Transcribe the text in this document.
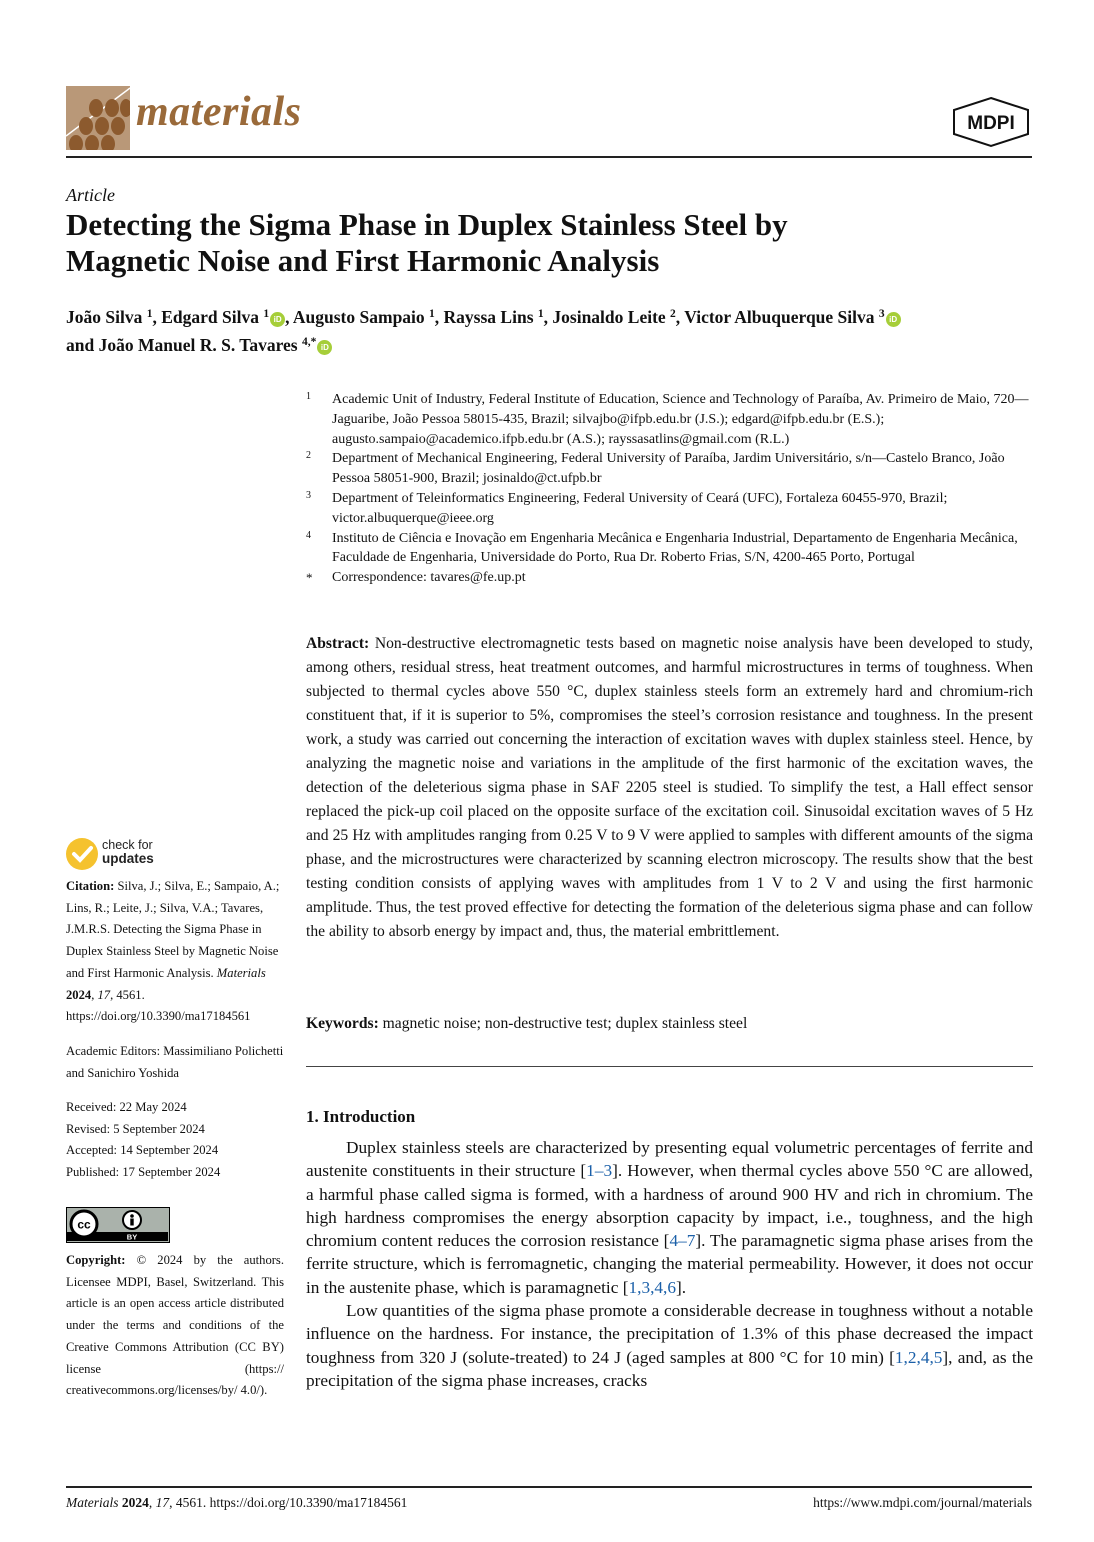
materials	MDPI
Article
Detecting the Sigma Phase in Duplex Stainless Steel by
Magnetic Noise and First Harmonic Analysis
João Silva $^1$, Edgard Silva $^1$ iD , Augusto Sampaio $^1$, Rayssa Lins $^1$, Josinaldo Leite $^2$, Victor Albuquerque Silva $^3$ iD
and João Manuel R. S. Tavares $^{4,*}$ iD
1 Academic Unit of Industry, Federal Institute of Education, Science and Technology of Paraíba, Av. Primeiro de Maio, 720—Jaguaribe, João Pessoa 58015-435, Brazil; silvajbo@ifpb.edu.br (J.S.); edgard@ifpb.edu.br (E.S.); augusto.sampaio@academico.ifpb.edu.br (A.S.); rayssasatlins@gmail.com (R.L.)
2 Department of Mechanical Engineering, Federal University of Paraíba, Jardim Universitário, s/n—Castelo Branco, João Pessoa 58051-900, Brazil; josinaldo@ct.ufpb.br
3 Department of Teleinformatics Engineering, Federal University of Ceará (UFC), Fortaleza 60455-970, Brazil; victor.albuquerque@ieee.org
4 Instituto de Ciência e Inovação em Engenharia Mecânica e Engenharia Industrial, Departamento de Engenharia Mecânica, Faculdade de Engenharia, Universidade do Porto, Rua Dr. Roberto Frias, S/N, 4200-465 Porto, Portugal
* Correspondence: tavares@fe.up.pt
Abstract: Non-destructive electromagnetic tests based on magnetic noise analysis have been developed to study, among others, residual stress, heat treatment outcomes, and harmful microstructures in terms of toughness. When subjected to thermal cycles above 550 °C, duplex stainless steels form an extremely hard and chromium-rich constituent that, if it is superior to 5%, compromises the steel’s corrosion resistance and toughness. In the present work, a study was carried out concerning the interaction of excitation waves with duplex stainless steel. Hence, by analyzing the magnetic noise and variations in the amplitude of the first harmonic of the excitation waves, the detection of the deleterious sigma phase in SAF 2205 steel is studied. To simplify the test, a Hall effect sensor replaced the pick-up coil placed on the opposite surface of the excitation coil. Sinusoidal excitation waves of 5 Hz and 25 Hz with amplitudes ranging from 0.25 V to 9 V were applied to samples with different amounts of the sigma phase, and the microstructures were characterized by scanning electron microscopy. The results show that the best testing condition consists of applying waves with amplitudes from 1 V to 2 V and using the first harmonic amplitude. Thus, the test proved effective for detecting the formation of the deleterious sigma phase and can follow the ability to absorb energy by impact and, thus, the material embrittlement.
Keywords: magnetic noise; non-destructive test; duplex stainless steel
1. Introduction

Duplex stainless steels are characterized by presenting equal volumetric percentages of ferrite and austenite constituents in their structure [1–3]. However, when thermal cycles above 550 °C are allowed, a harmful phase called sigma is formed, with a hardness of around 900 HV and rich in chromium. The high hardness compromises the energy absorption capacity by impact, i.e., toughness, and the high chromium content reduces the corrosion resistance [4–7]. The paramagnetic sigma phase arises from the ferrite structure, which is ferromagnetic, changing the material permeability. However, it does not occur in the austenite phase, which is paramagnetic [1,3,4,6].

Low quantities of the sigma phase promote a considerable decrease in toughness without a notable influence on the hardness. For instance, the precipitation of 1.3% of this phase decreased the impact toughness from 320 J (solute-treated) to 24 J (aged samples at 800 °C for 10 min) [1,2,4,5], and, as the precipitation of the sigma phase increases, cracks

check for
updates
Citation: Silva, J.; Silva, E.; Sampaio, A.; Lins, R.; Leite, J.; Silva, V.A.; Tavares, J.M.R.S. Detecting the Sigma Phase in Duplex Stainless Steel by Magnetic Noise and First Harmonic Analysis. Materials 2024, 17, 4561. https://doi.org/10.3390/ma17184561
Academic Editors: Massimiliano Polichetti and Sanichiro Yoshida
Received: 22 May 2024
Revised: 5 September 2024
Accepted: 14 September 2024
Published: 17 September 2024
cc
BY
Copyright: © 2024 by the authors. Licensee MDPI, Basel, Switzerland. This article is an open access article distributed under the terms and conditions of the Creative Commons Attribution (CC BY) license (https:// creativecommons.org/licenses/by/ 4.0/).
Materials 2024, 17, 4561. https://doi.org/10.3390/ma17184561	https://www.mdpi.com/journal/materials
